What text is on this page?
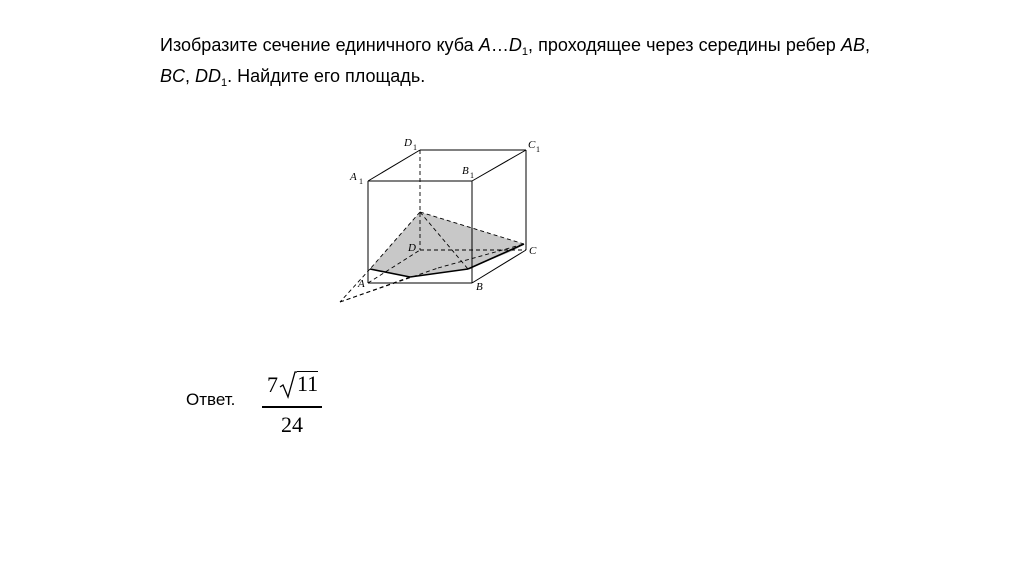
Изобразите сечение единичного куба $A\dots D_1$, проходящее через середины ребер AB, BC, $DD_1$. Найдите его площадь.

A 1
D 1	C 1
B 1
D	C
B
A

Ответ.

7 11
24
